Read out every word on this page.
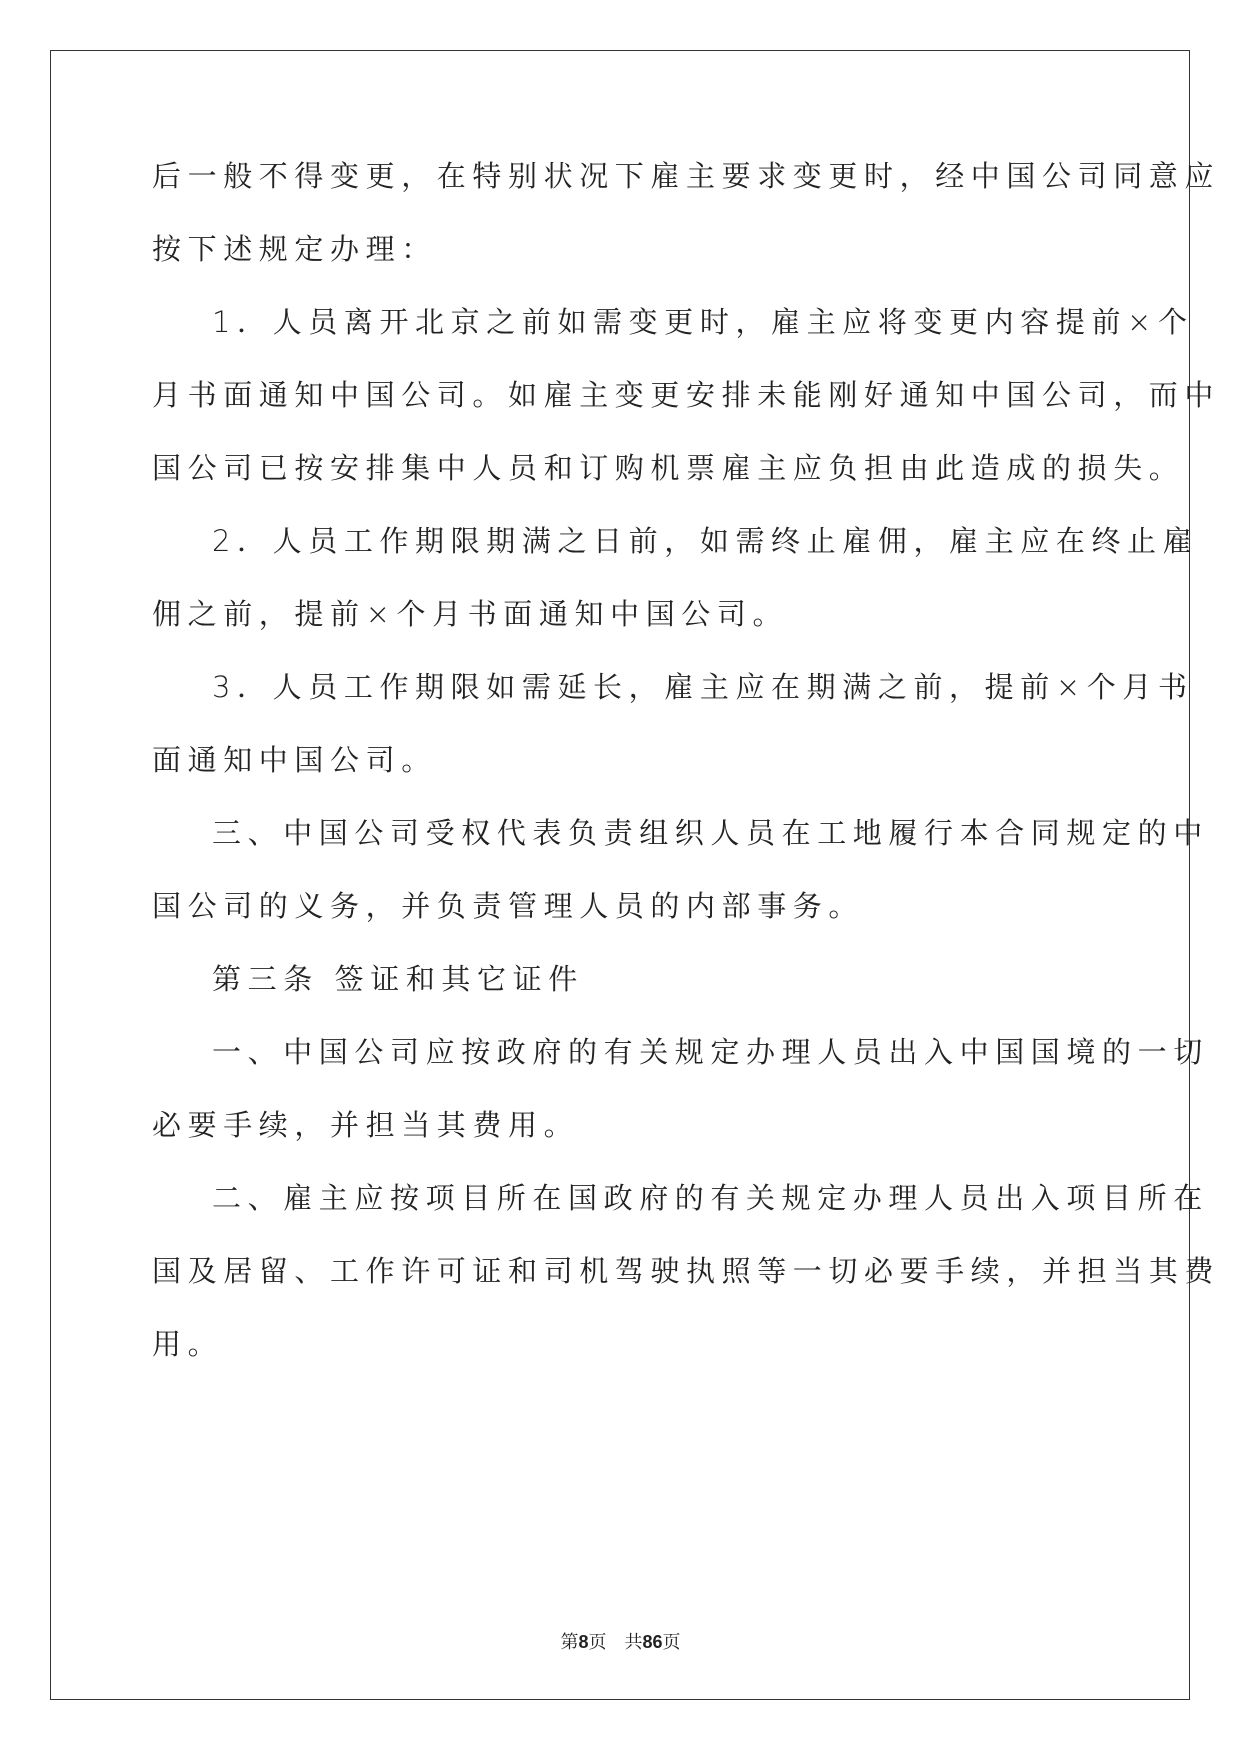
后一般不得变更，在特别状况下雇主要求变更时，经中国公司同意应
按下述规定办理：
1．人员离开北京之前如需变更时，雇主应将变更内容提前×个
月书面通知中国公司。如雇主变更安排未能刚好通知中国公司，而中
国公司已按安排集中人员和订购机票雇主应负担由此造成的损失。
2．人员工作期限期满之日前，如需终止雇佣，雇主应在终止雇
佣之前，提前×个月书面通知中国公司。
3．人员工作期限如需延长，雇主应在期满之前，提前×个月书
面通知中国公司。
三、中国公司受权代表负责组织人员在工地履行本合同规定的中
国公司的义务，并负责管理人员的内部事务。
第三条 签证和其它证件
一、中国公司应按政府的有关规定办理人员出入中国国境的一切
必要手续，并担当其费用。
二、雇主应按项目所在国政府的有关规定办理人员出入项目所在
国及居留、工作许可证和司机驾驶执照等一切必要手续，并担当其费
用。
第8页 共86页
